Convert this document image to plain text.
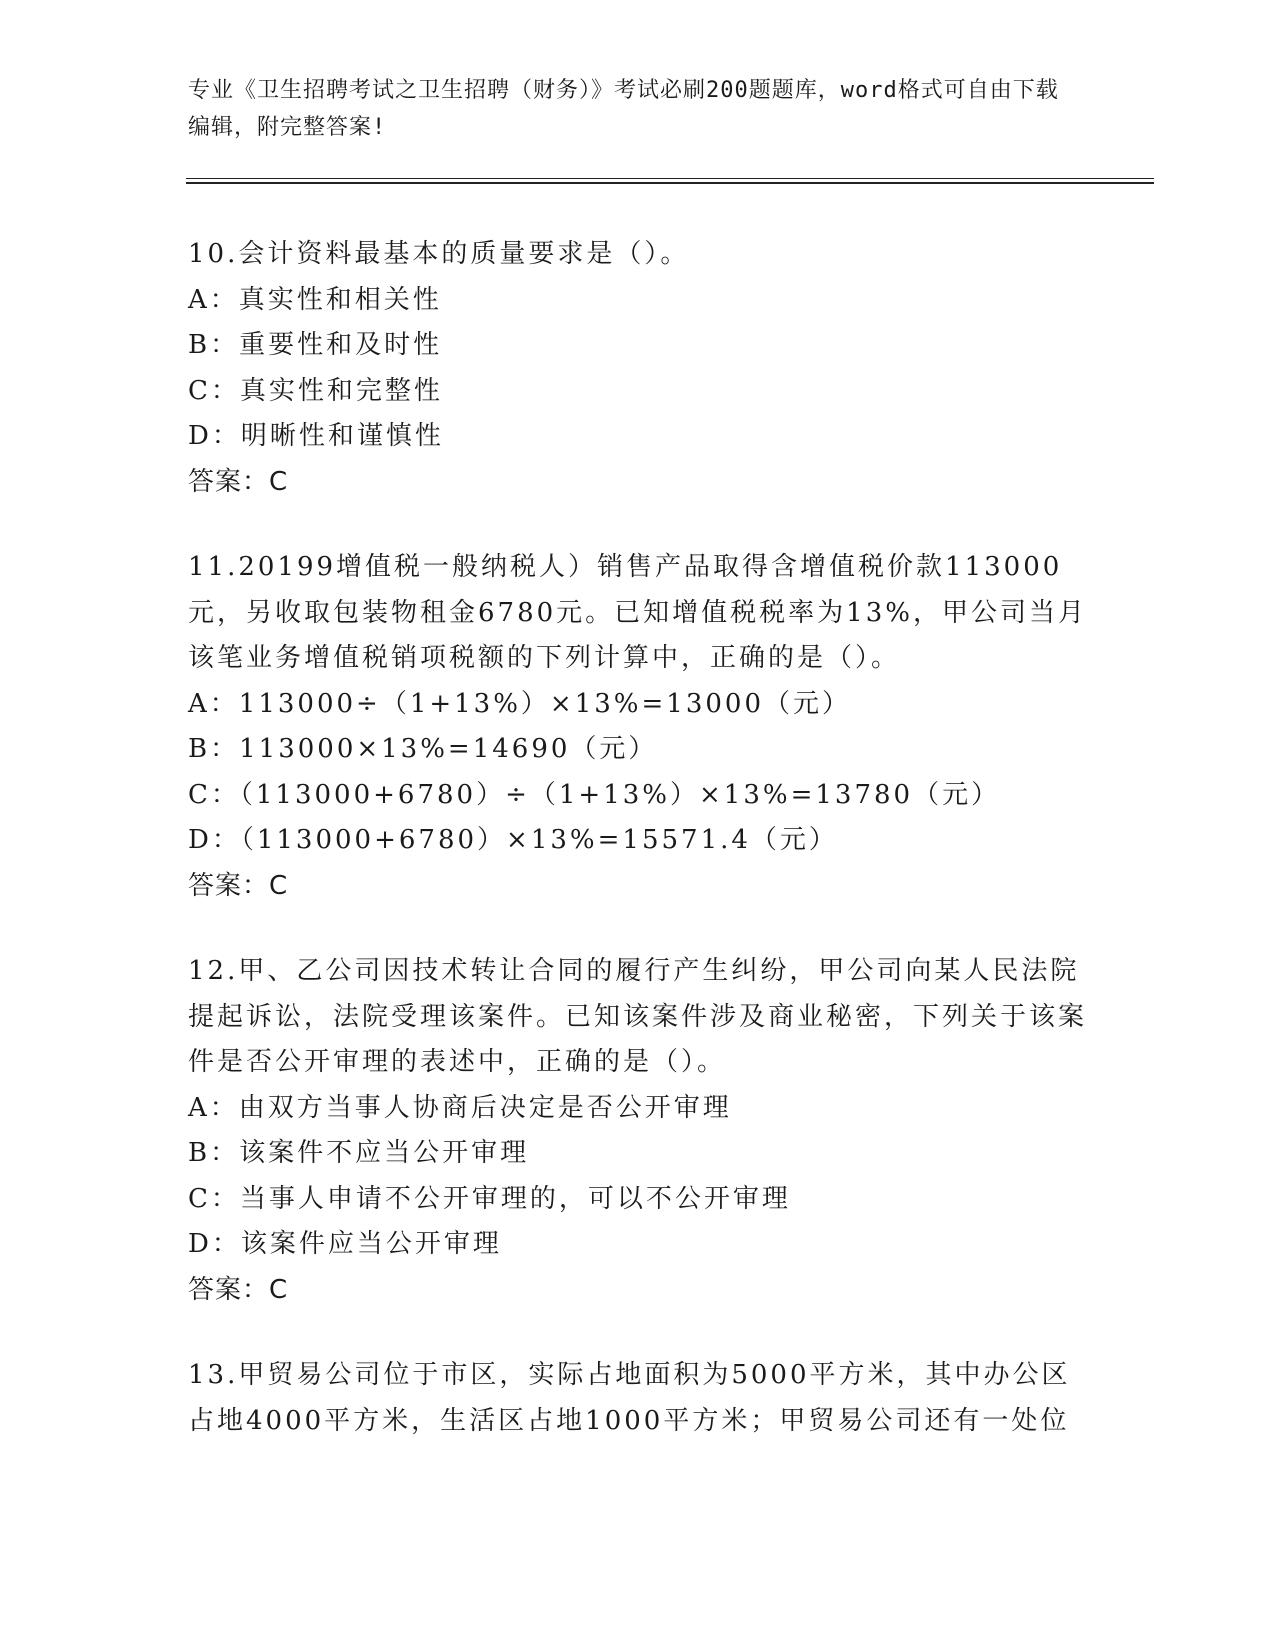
专业《卫生招聘考试之卫生招聘（财务）》考试必刷200题题库，word格式可自由下载编辑，附完整答案!

10.会计资料最基本的质量要求是（）。

A：真实性和相关性

B：重要性和及时性

C：真实性和完整性

D：明晰性和谨慎性

答案：C

11.20199增值税一般纳税人）销售产品取得含增值税价款113000元，另收取包装物租金6780元。已知增值税税率为13%，甲公司当月该笔业务增值税销项税额的下列计算中，正确的是（）。

A：113000÷（1+13%）×13%=13000（元）

B：113000×13%=14690（元）

C：（113000+6780）÷（1+13%）×13%=13780（元）

D：（113000+6780）×13%=15571.4（元）

答案：C

12.甲、乙公司因技术转让合同的履行产生纠纷，甲公司向某人民法院提起诉讼，法院受理该案件。已知该案件涉及商业秘密，下列关于该案件是否公开审理的表述中，正确的是（）。

A：由双方当事人协商后决定是否公开审理

B：该案件不应当公开审理

C：当事人申请不公开审理的，可以不公开审理

D：该案件应当公开审理

答案：C

13.甲贸易公司位于市区，实际占地面积为5000平方米，其中办公区占地4000平方米，生活区占地1000平方米；甲贸易公司还有一处位
